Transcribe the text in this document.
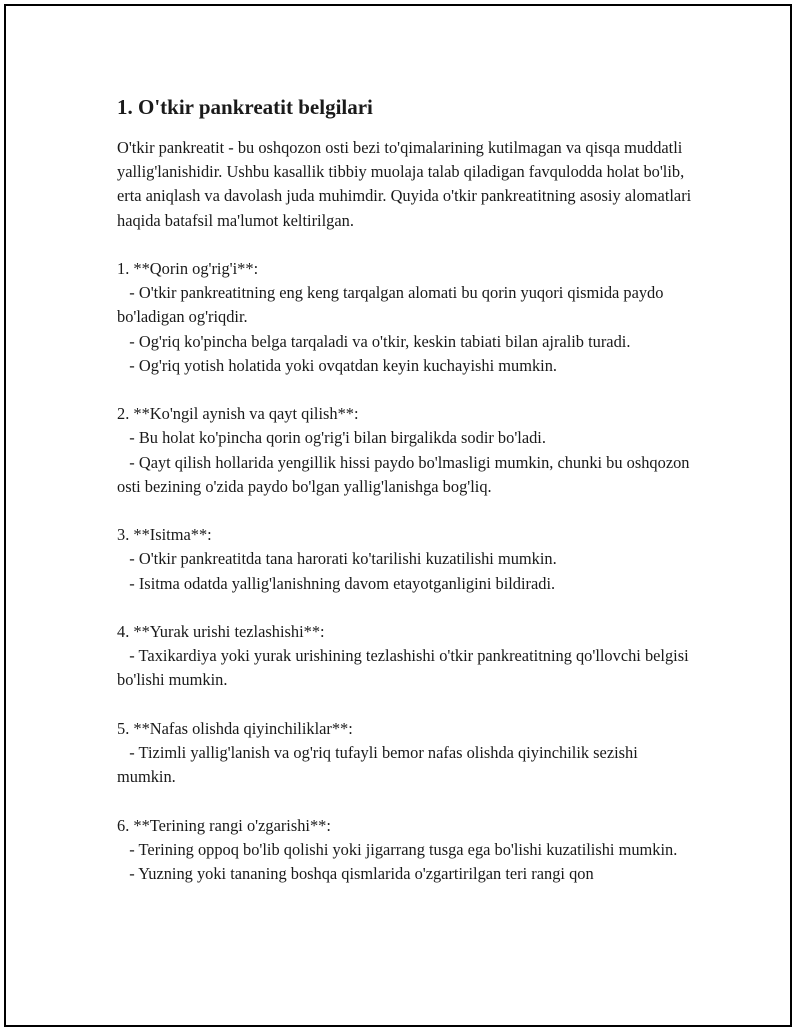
1. O'tkir pankreatit belgilari

O'tkir pankreatit - bu oshqozon osti bezi to'qimalarining kutilmagan va qisqa muddatli yallig'lanishidir. Ushbu kasallik tibbiy muolaja talab qiladigan favqulodda holat bo'lib, erta aniqlash va davolash juda muhimdir. Quyida o'tkir pankreatitning asosiy alomatlari haqida batafsil ma'lumot keltirilgan.

1. **Qorin og'rig'i**:

- O'tkir pankreatitning eng keng tarqalgan alomati bu qorin yuqori qismida paydo bo'ladigan og'riqdir.

- Og'riq ko'pincha belga tarqaladi va o'tkir, keskin tabiati bilan ajralib turadi.

- Og'riq yotish holatida yoki ovqatdan keyin kuchayishi mumkin.

2. **Ko'ngil aynish va qayt qilish**:

- Bu holat ko'pincha qorin og'rig'i bilan birgalikda sodir bo'ladi.

- Qayt qilish hollarida yengillik hissi paydo bo'lmasligi mumkin, chunki bu oshqozon osti bezining o'zida paydo bo'lgan yallig'lanishga bog'liq.

3. **Isitma**:

- O'tkir pankreatitda tana harorati ko'tarilishi kuzatilishi mumkin.

- Isitma odatda yallig'lanishning davom etayotganligini bildiradi.

4. **Yurak urishi tezlashishi**:

- Taxikardiya yoki yurak urishining tezlashishi o'tkir pankreatitning qo'llovchi belgisi bo'lishi mumkin.

5. **Nafas olishda qiyinchiliklar**:

- Tizimli yallig'lanish va og'riq tufayli bemor nafas olishda qiyinchilik sezishi mumkin.

6. **Terining rangi o'zgarishi**:

- Terining oppoq bo'lib qolishi yoki jigarrang tusga ega bo'lishi kuzatilishi mumkin.

- Yuzning yoki tananing boshqa qismlarida o'zgartirilgan teri rangi qon
